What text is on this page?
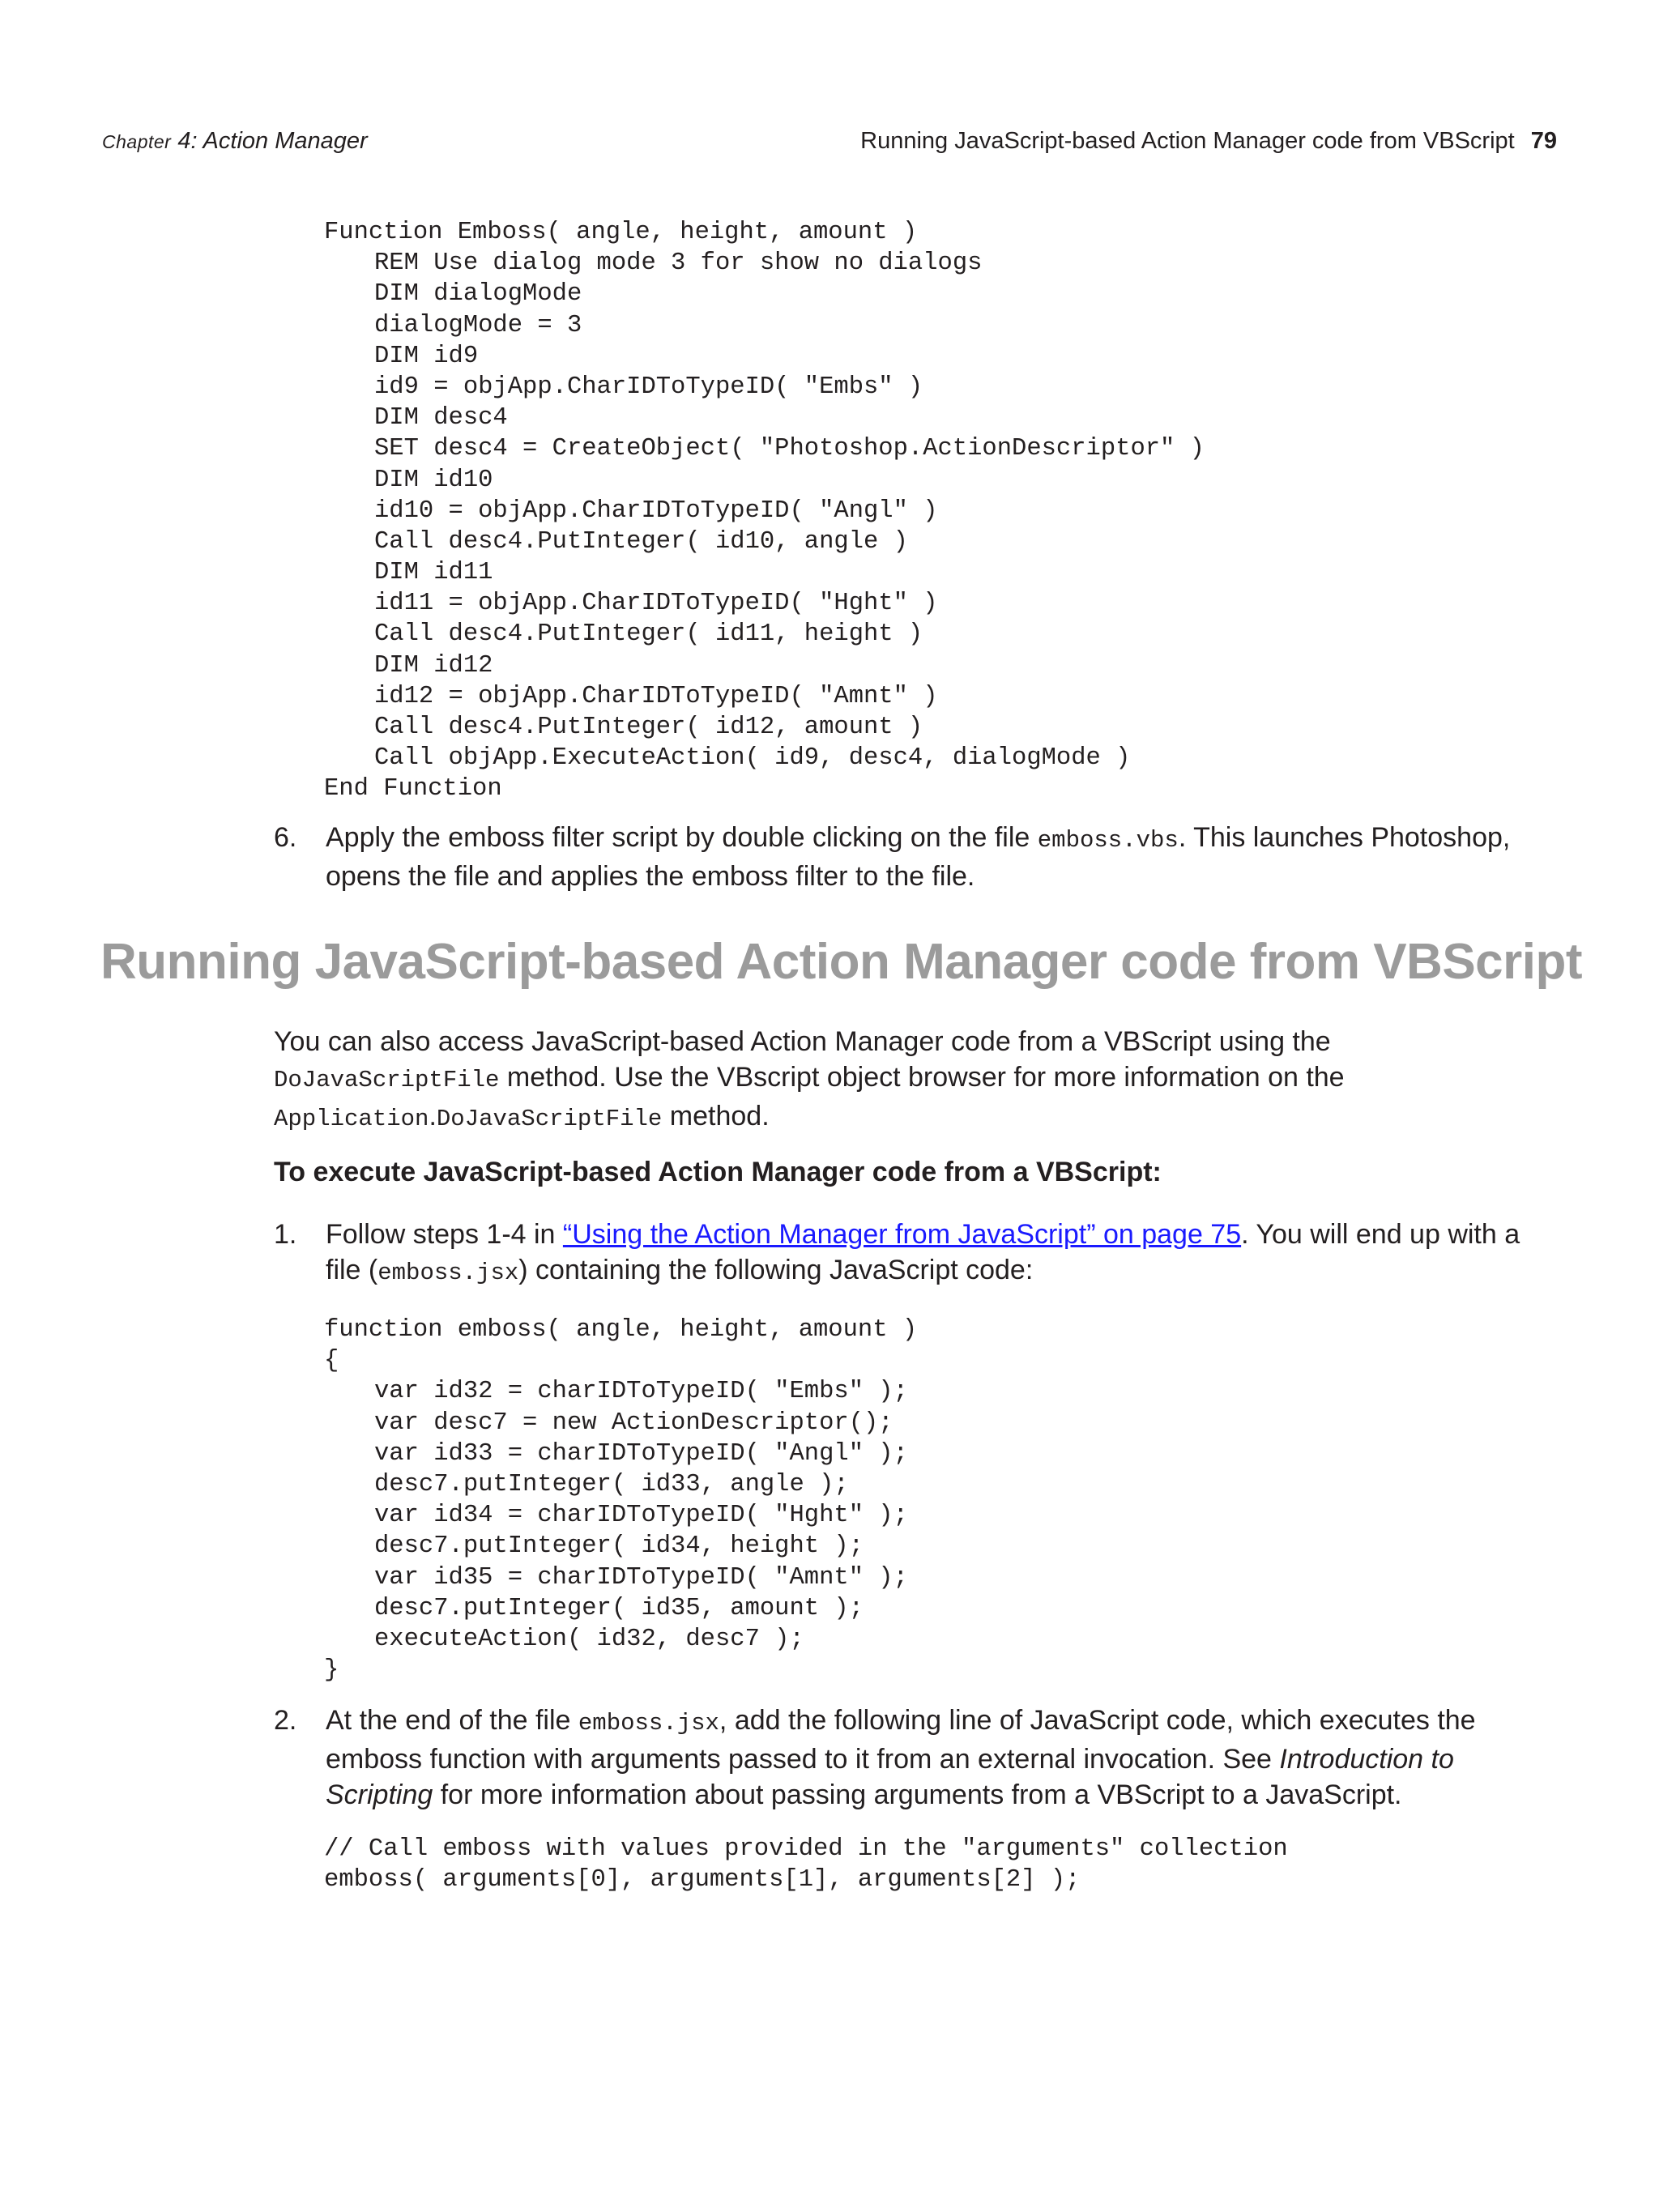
Chapter 4: Action Manager	Running JavaScript-based Action Manager code from VBScript 79
Function Emboss( angle, height, amount )
REM Use dialog mode 3 for show no dialogs
DIM dialogMode
dialogMode = 3
DIM id9
id9 = objApp.CharIDToTypeID( "Embs" )
DIM desc4
SET desc4 = CreateObject( "Photoshop.ActionDescriptor" )
DIM id10
id10 = objApp.CharIDToTypeID( "Angl" )
Call desc4.PutInteger( id10, angle )
DIM id11
id11 = objApp.CharIDToTypeID( "Hght" )
Call desc4.PutInteger( id11, height )
DIM id12
id12 = objApp.CharIDToTypeID( "Amnt" )
Call desc4.PutInteger( id12, amount )
Call objApp.ExecuteAction( id9, desc4, dialogMode )
End Function
6. Apply the emboss filter script by double clicking on the file emboss.vbs. This launches Photoshop, opens the file and applies the emboss filter to the file.
Running JavaScript-based Action Manager code from VBScript
You can also access JavaScript-based Action Manager code from a VBScript using the DoJavaScriptFile method. Use the VBscript object browser for more information on the Application.DoJavaScriptFile method.
To execute JavaScript-based Action Manager code from a VBScript:
1. Follow steps 1-4 in “Using the Action Manager from JavaScript” on page 75. You will end up with a file (emboss.jsx) containing the following JavaScript code:
function emboss( angle, height, amount )
{
var id32 = charIDToTypeID( "Embs" );
var desc7 = new ActionDescriptor();
var id33 = charIDToTypeID( "Angl" );
desc7.putInteger( id33, angle );
var id34 = charIDToTypeID( "Hght" );
desc7.putInteger( id34, height );
var id35 = charIDToTypeID( "Amnt" );
desc7.putInteger( id35, amount );
executeAction( id32, desc7 );
}
2. At the end of the file emboss.jsx, add the following line of JavaScript code, which executes the emboss function with arguments passed to it from an external invocation. See Introduction to Scripting for more information about passing arguments from a VBScript to a JavaScript.
// Call emboss with values provided in the "arguments" collection
emboss( arguments[0], arguments[1], arguments[2] );
